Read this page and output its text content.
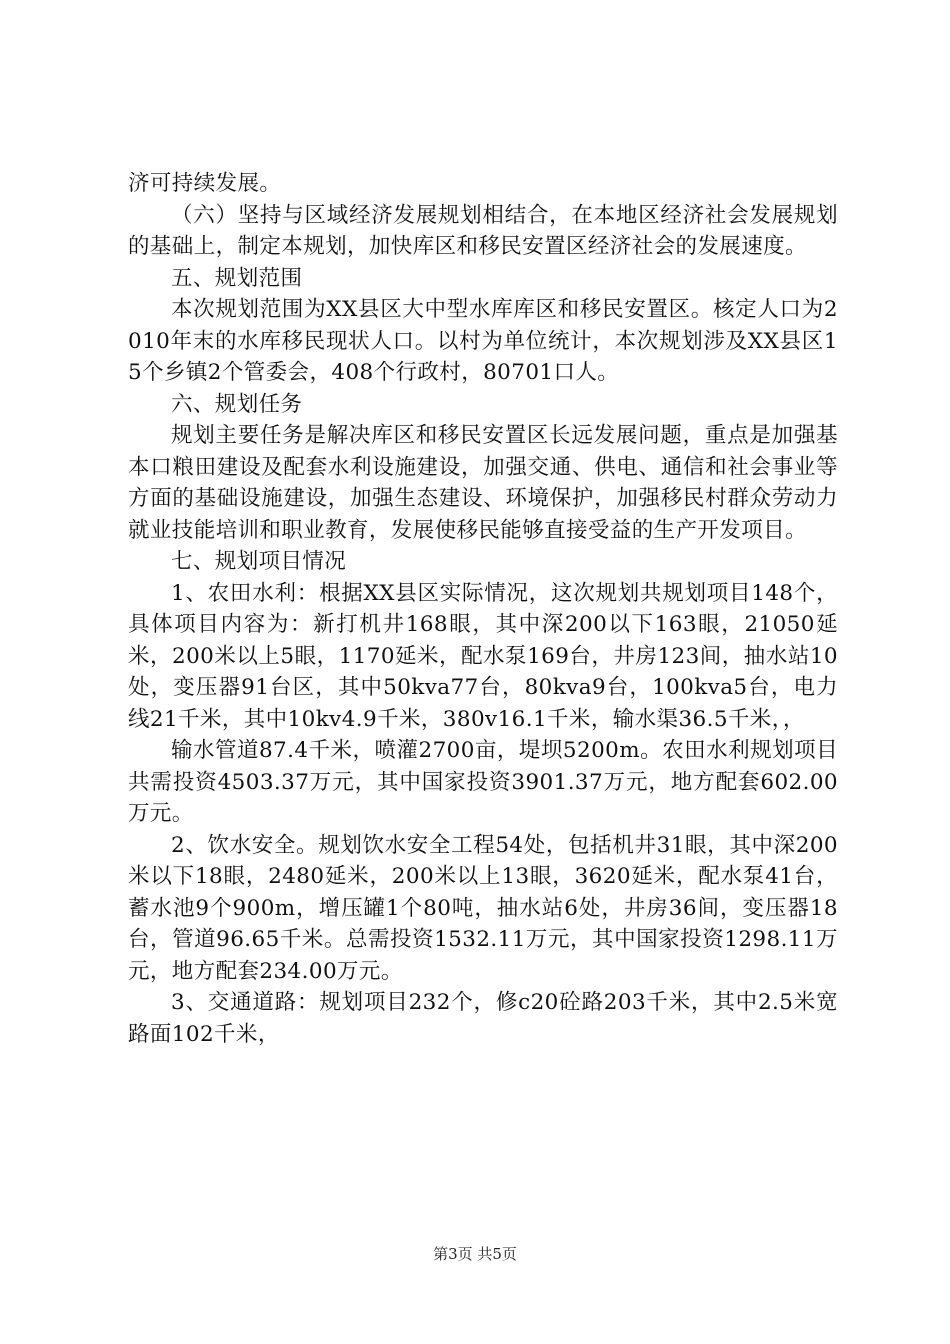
济可持续发展。

（六）坚持与区域经济发展规划相结合，在本地区经济社会发展规划的基础上，制定本规划，加快库区和移民安置区经济社会的发展速度。

五、规划范围

本次规划范围为XX县区大中型水库库区和移民安置区。核定人口为2010年末的水库移民现状人口。以村为单位统计，本次规划涉及XX县区15个乡镇2个管委会，408个行政村，80701口人。

六、规划任务

规划主要任务是解决库区和移民安置区长远发展问题，重点是加强基本口粮田建设及配套水利设施建设，加强交通、供电、通信和社会事业等方面的基础设施建设，加强生态建设、环境保护，加强移民村群众劳动力就业技能培训和职业教育，发展使移民能够直接受益的生产开发项目。

七、规划项目情况

1、农田水利：根据XX县区实际情况，这次规划共规划项目148个，具体项目内容为：新打机井168眼，其中深200以下163眼，21050延米，200米以上5眼，1170延米，配水泵169台，井房123间，抽水站10处，变压器91台区，其中50kva77台，80kva9台，100kva5台，电力线21千米，其中10kv4.9千米，380v16.1千米，输水渠36.5千米，，

输水管道87.4千米，喷灌2700亩，堤坝5200m。农田水利规划项目共需投资4503.37万元，其中国家投资3901.37万元，地方配套602.00万元。

2、饮水安全。规划饮水安全工程54处，包括机井31眼，其中深200米以下18眼，2480延米，200米以上13眼，3620延米，配水泵41台，蓄水池9个900m，增压罐1个80吨，抽水站6处，井房36间，变压器18台，管道96.65千米。总需投资1532.11万元，其中国家投资1298.11万元，地方配套234.00万元。

3、交通道路：规划项目232个，修c20砼路203千米，其中2.5米宽路面102千米，

第3页 共5页
